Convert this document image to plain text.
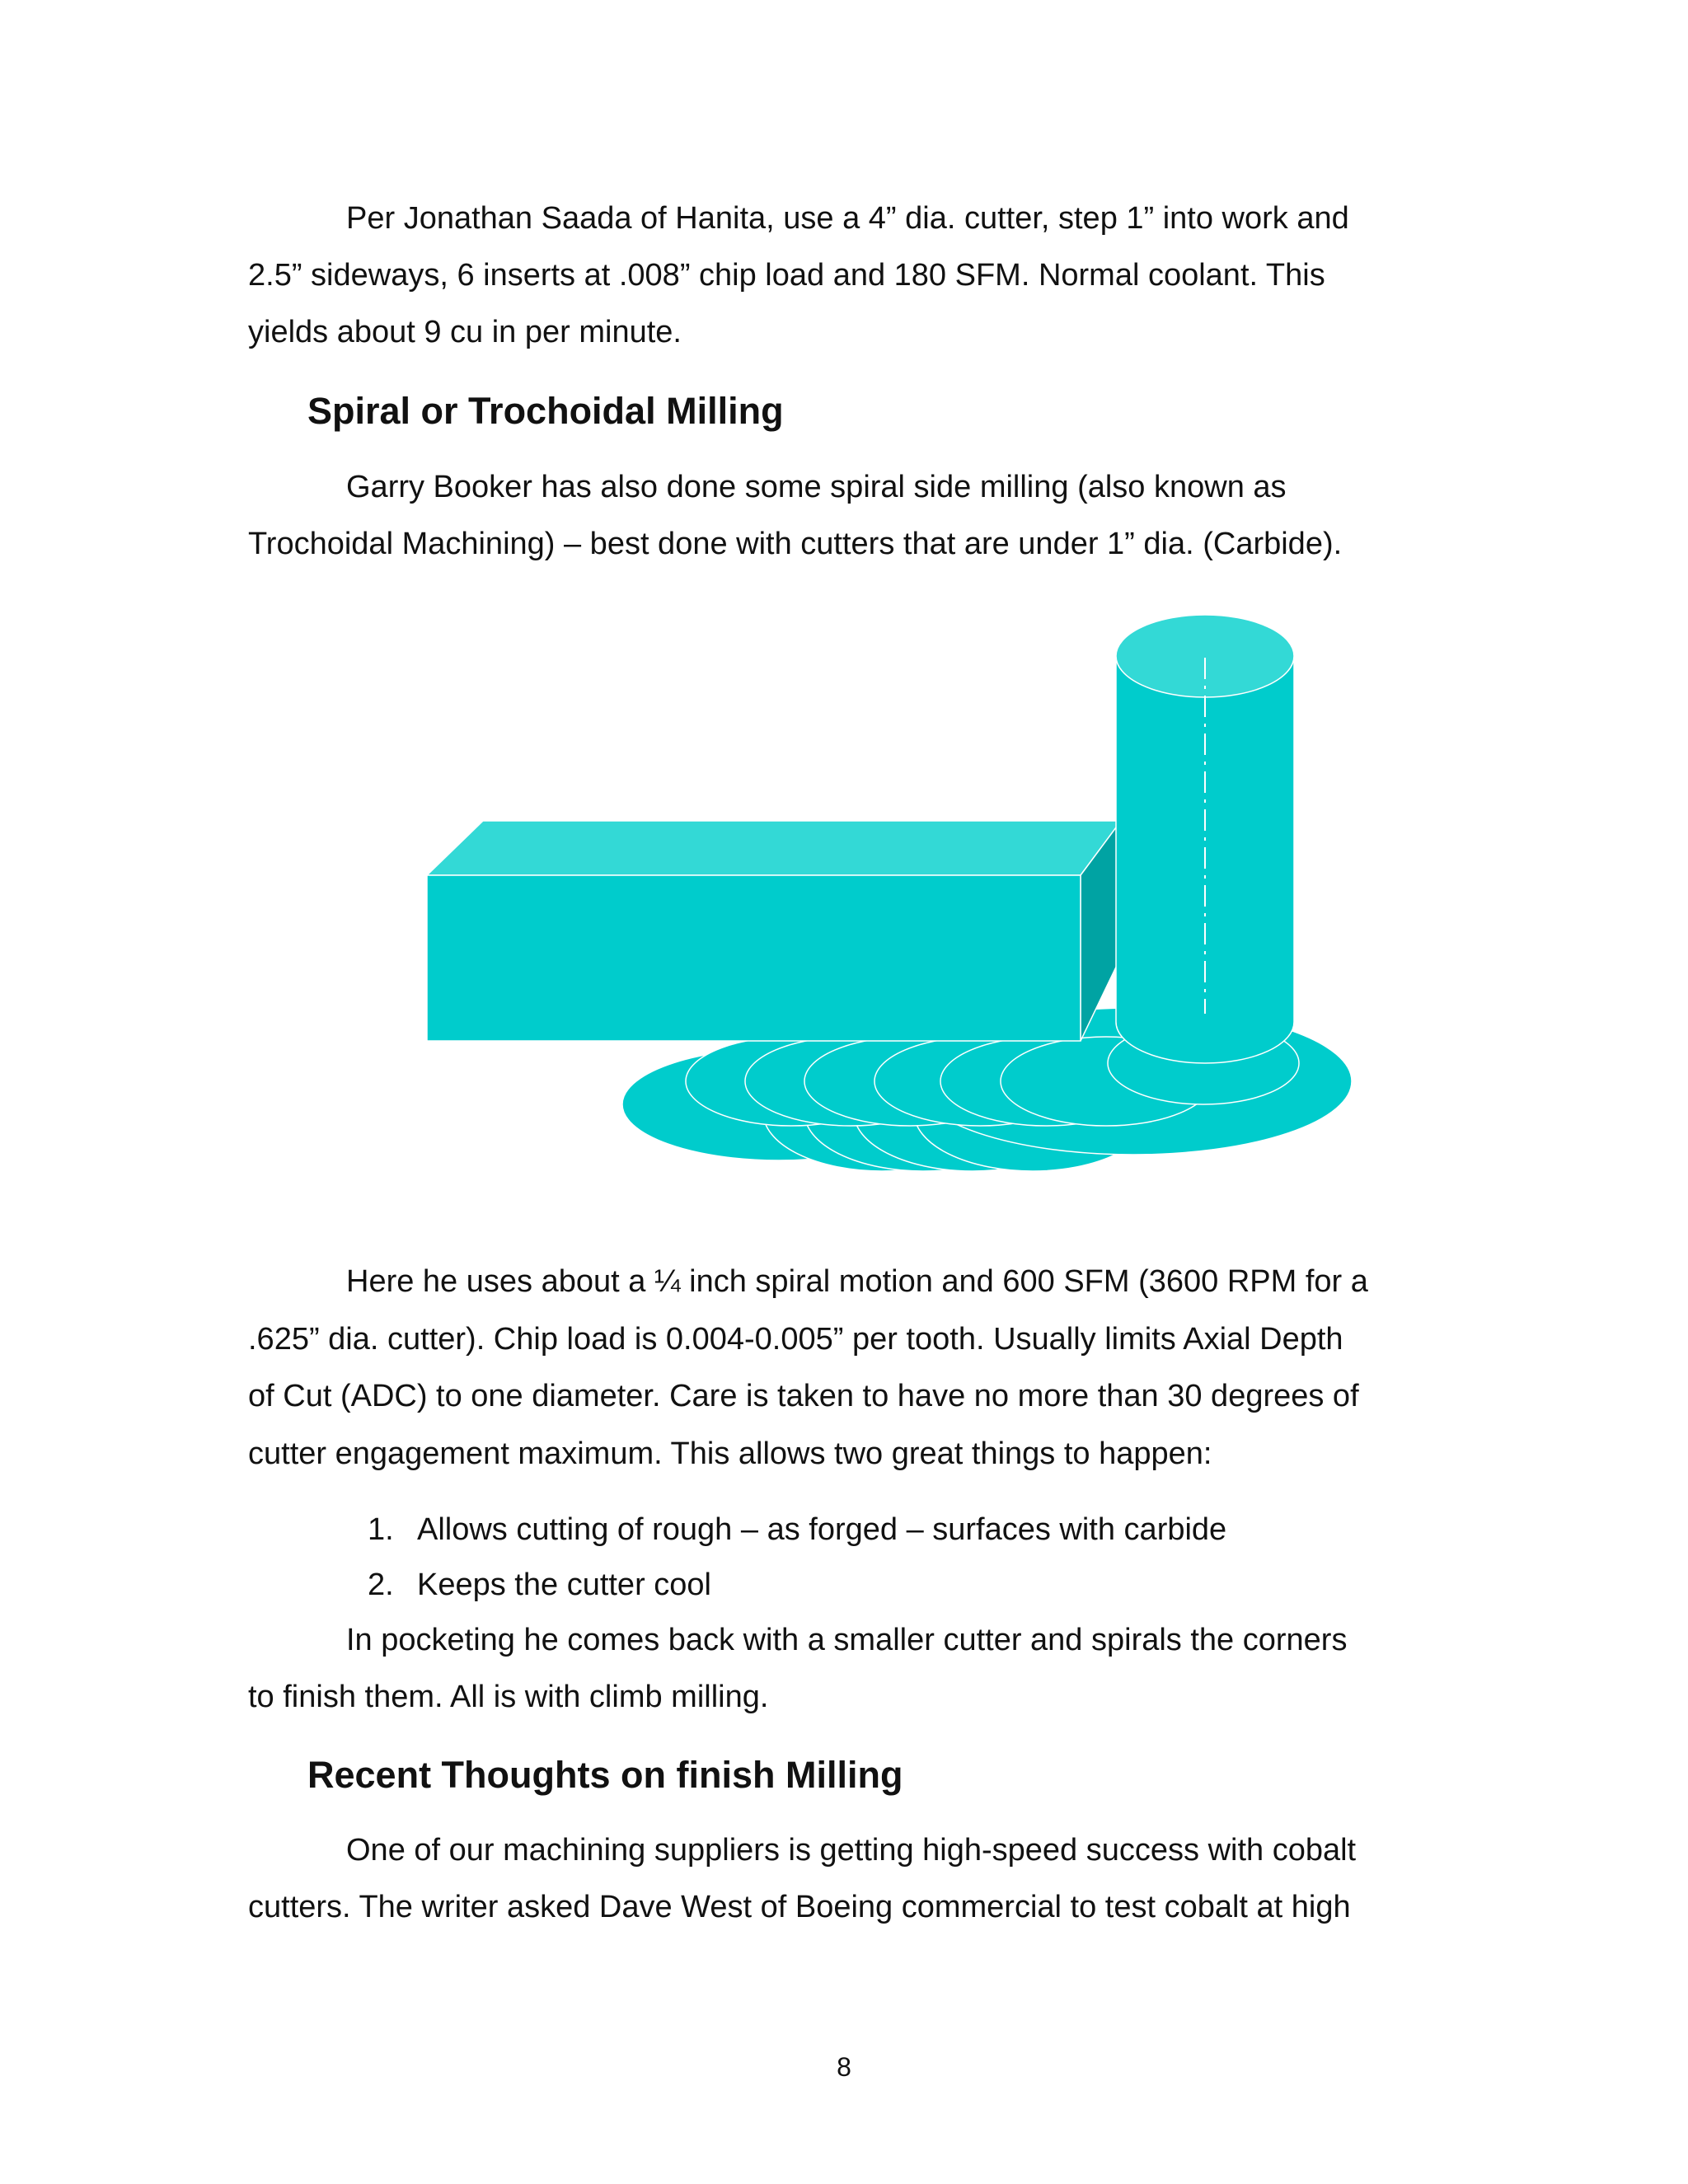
Per Jonathan Saada of Hanita, use a 4” dia. cutter, step 1” into work and
2.5” sideways, 6 inserts at .008” chip load and 180 SFM. Normal coolant. This
yields about 9 cu in per minute.
Spiral or Trochoidal Milling
Garry Booker has also done some spiral side milling (also known as
Trochoidal Machining) – best done with cutters that are under 1” dia. (Carbide).
Here he uses about a ¼ inch spiral motion and 600 SFM (3600 RPM for a
.625” dia. cutter). Chip load is 0.004-0.005” per tooth. Usually limits Axial Depth
of Cut (ADC) to one diameter. Care is taken to have no more than 30 degrees of
cutter engagement maximum. This allows two great things to happen:
1. Allows cutting of rough – as forged – surfaces with carbide
2. Keeps the cutter cool
In pocketing he comes back with a smaller cutter and spirals the corners
to finish them. All is with climb milling.
Recent Thoughts on finish Milling
One of our machining suppliers is getting high-speed success with cobalt
cutters. The writer asked Dave West of Boeing commercial to test cobalt at high
8
